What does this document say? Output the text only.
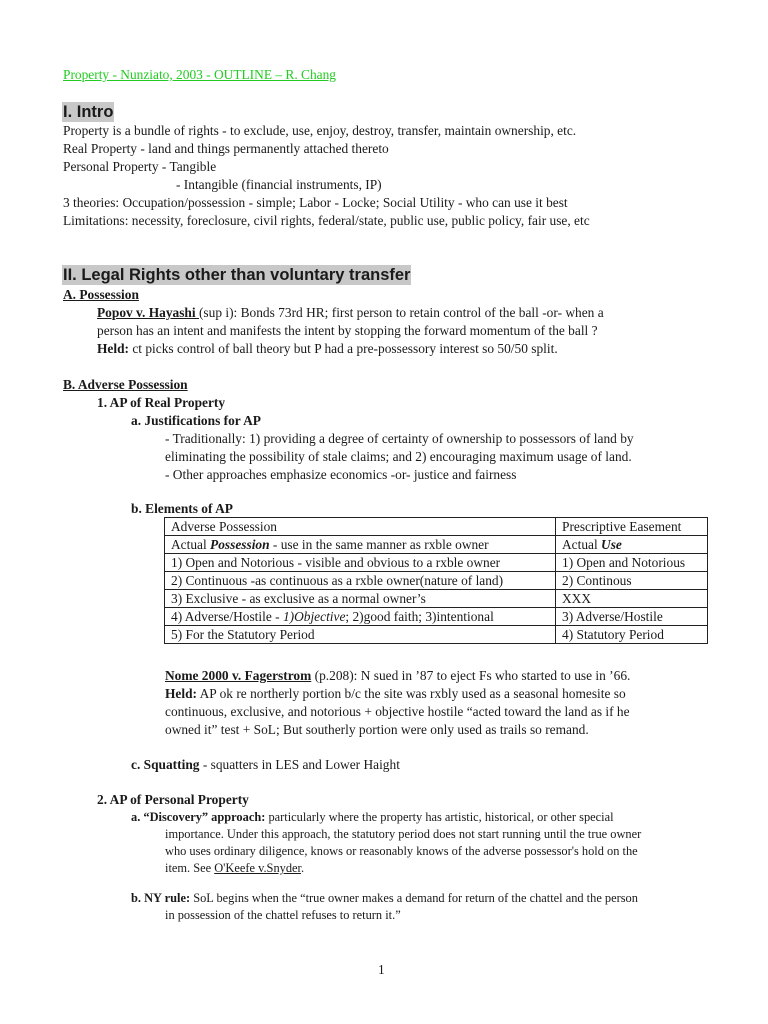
Property - Nunziato, 2003 - OUTLINE – R. Chang
I. Intro
Property is a bundle of rights - to exclude, use, enjoy, destroy, transfer, maintain ownership, etc.
Real Property - land and things permanently attached thereto
Personal Property - Tangible
- Intangible (financial instruments, IP)
3 theories: Occupation/possession - simple; Labor - Locke; Social Utility - who can use it best
Limitations: necessity, foreclosure, civil rights, federal/state, public use, public policy, fair use, etc
II. Legal Rights other than voluntary transfer
A. Possession
Popov v. Hayashi (sup i): Bonds 73rd HR; first person to retain control of the ball -or- when a
person has an intent and manifests the intent by stopping the forward momentum of the ball ?
Held: ct picks control of ball theory but P had a pre-possessory interest so 50/50 split.
B. Adverse Possession
1. AP of Real Property
a. Justifications for AP
- Traditionally: 1) providing a degree of certainty of ownership to possessors of land by
eliminating the possibility of stale claims; and 2) encouraging maximum usage of land.
- Other approaches emphasize economics -or- justice and fairness
b. Elements of AP
Adverse Possession	Prescriptive Easement
Actual Possession - use in the same manner as rxble owner	Actual Use
1) Open and Notorious - visible and obvious to a rxble owner	1) Open and Notorious
2) Continuous -as continuous as a rxble owner(nature of land)	2) Continous
3) Exclusive - as exclusive as a normal owner’s	XXX
4) Adverse/Hostile - 1)Objective; 2)good faith; 3)intentional	3) Adverse/Hostile
5) For the Statutory Period	4) Statutory Period
Nome 2000 v. Fagerstrom (p.208): N sued in ’87 to eject Fs who started to use in ’66.
Held: AP ok re northerly portion b/c the site was rxbly used as a seasonal homesite so
continuous, exclusive, and notorious + objective hostile “acted toward the land as if he
owned it” test + SoL; But southerly portion were only used as trails so remand.
c. Squatting - squatters in LES and Lower Haight
2. AP of Personal Property
a. “Discovery” approach: particularly where the property has artistic, historical, or other special
importance. Under this approach, the statutory period does not start running until the true owner
who uses ordinary diligence, knows or reasonably knows of the adverse possessor's hold on the
item. See O'Keefe v.Snyder.
b. NY rule: SoL begins when the “true owner makes a demand for return of the chattel and the person
in possession of the chattel refuses to return it.”
1
